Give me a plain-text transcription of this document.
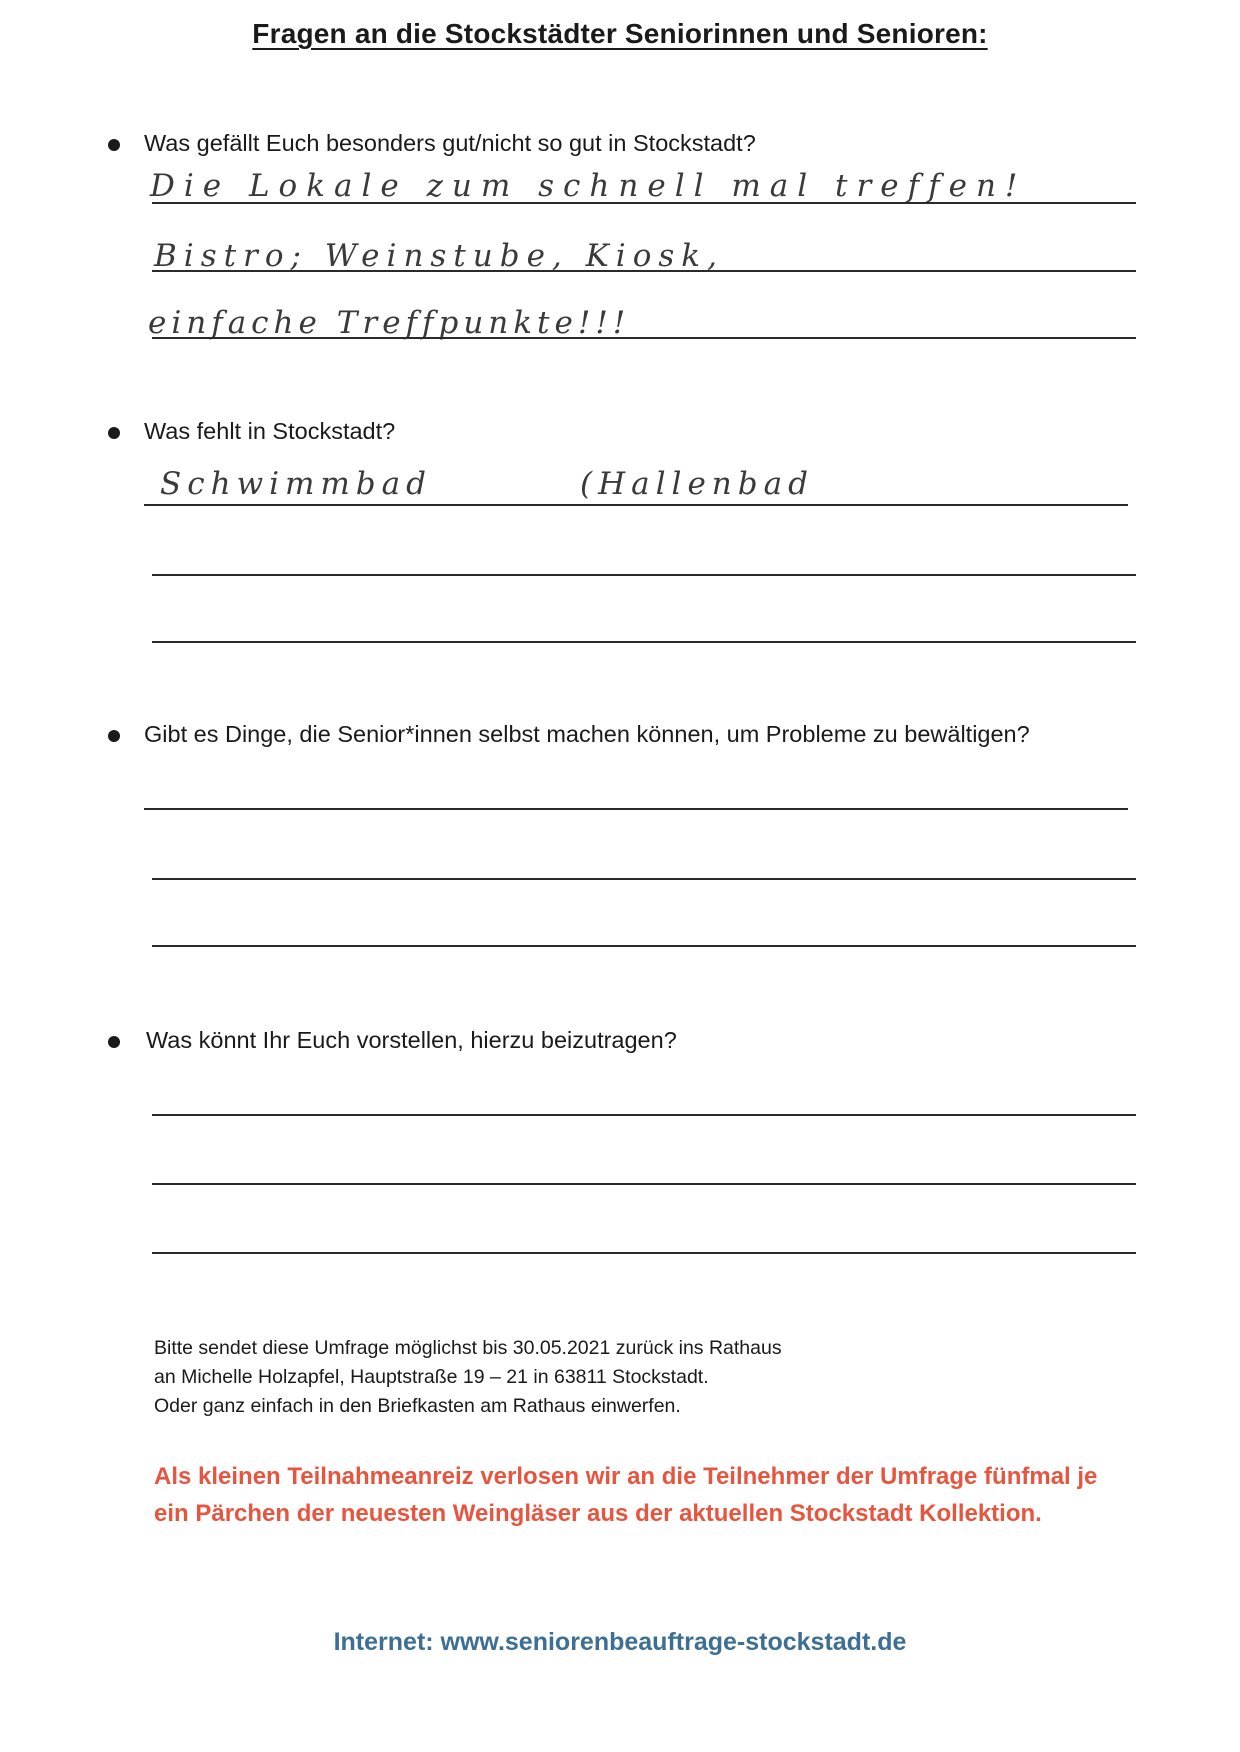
Fragen an die Stockstädter Seniorinnen und Senioren:
Was gefällt Euch besonders gut/nicht so gut in Stockstadt?
Die Lokale zum schnell mal treffen!
Bistro; Weinstube, Kiosk,
einfache Treffpunkte!!!
Was fehlt in Stockstadt?
Schwimmbad	(Hallenbad
Gibt es Dinge, die Senior*innen selbst machen können, um Probleme zu bewältigen?
Was könnt Ihr Euch vorstellen, hierzu beizutragen?
Bitte sendet diese Umfrage möglichst bis 30.05.2021 zurück ins Rathaus
an Michelle Holzapfel, Hauptstraße 19 – 21 in 63811 Stockstadt.
Oder ganz einfach in den Briefkasten am Rathaus einwerfen.
Als kleinen Teilnahmeanreiz verlosen wir an die Teilnehmer der Umfrage fünfmal je
ein Pärchen der neuesten Weingläser aus der aktuellen Stockstadt Kollektion.
Internet: www.seniorenbeauftrage-stockstadt.de
